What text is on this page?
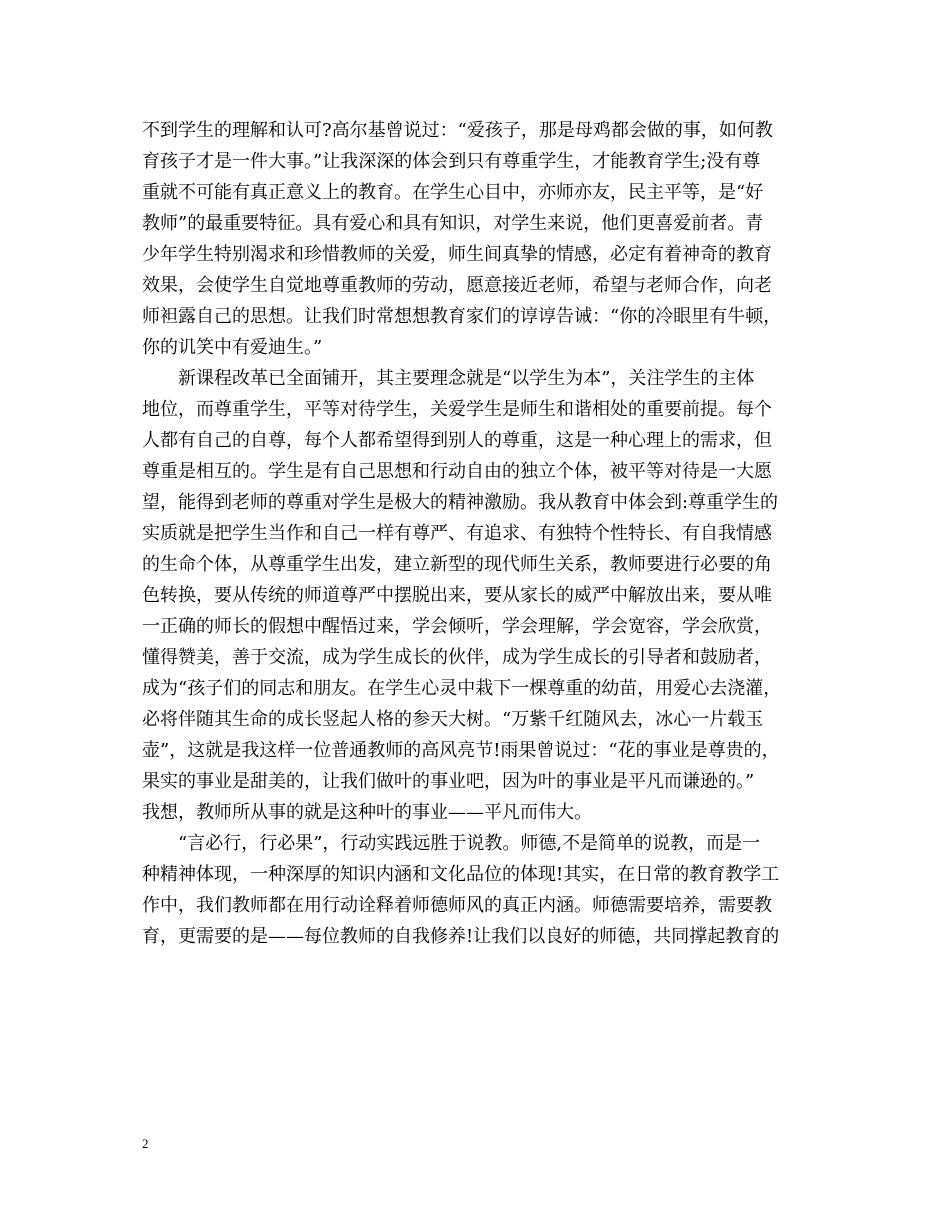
不到学生的理解和认可?高尔基曾说过：“爱孩子，那是母鸡都会做的事，如何教
育孩子才是一件大事。”让我深深的体会到只有尊重学生，才能教育学生;没有尊
重就不可能有真正意义上的教育。在学生心目中，亦师亦友，民主平等，是“好
教师”的最重要特征。具有爱心和具有知识，对学生来说，他们更喜爱前者。青
少年学生特别渴求和珍惜教师的关爱，师生间真挚的情感，必定有着神奇的教育
效果，会使学生自觉地尊重教师的劳动，愿意接近老师，希望与老师合作，向老
师袒露自己的思想。让我们时常想想教育家们的谆谆告诫：“你的冷眼里有牛顿，
你的讥笑中有爱迪生。”
　　新课程改革已全面铺开，其主要理念就是“以学生为本”，关注学生的主体
地位，而尊重学生，平等对待学生，关爱学生是师生和谐相处的重要前提。每个
人都有自己的自尊，每个人都希望得到别人的尊重，这是一种心理上的需求，但
尊重是相互的。学生是有自己思想和行动自由的独立个体，被平等对待是一大愿
望，能得到老师的尊重对学生是极大的精神激励。我从教育中体会到:尊重学生的
实质就是把学生当作和自己一样有尊严、有追求、有独特个性特长、有自我情感
的生命个体，从尊重学生出发，建立新型的现代师生关系，教师要进行必要的角
色转换，要从传统的师道尊严中摆脱出来，要从家长的威严中解放出来，要从唯
一正确的师长的假想中醒悟过来，学会倾听，学会理解，学会宽容，学会欣赏，
懂得赞美，善于交流，成为学生成长的伙伴，成为学生成长的引导者和鼓励者，
成为“孩子们的同志和朋友。在学生心灵中栽下一棵尊重的幼苗，用爱心去浇灌，
必将伴随其生命的成长竖起人格的参天大树。“万紫千红随风去，冰心一片载玉
壶”，这就是我这样一位普通教师的高风亮节!雨果曾说过：“花的事业是尊贵的，
果实的事业是甜美的，让我们做叶的事业吧，因为叶的事业是平凡而谦逊的。”
我想，教师所从事的就是这种叶的事业——平凡而伟大。
　　“言必行，行必果”，行动实践远胜于说教。师德,不是简单的说教，而是一
种精神体现，一种深厚的知识内涵和文化品位的体现!其实，在日常的教育教学工
作中，我们教师都在用行动诠释着师德师风的真正内涵。师德需要培养，需要教
育，更需要的是——每位教师的自我修养!让我们以良好的师德，共同撑起教育的
2
